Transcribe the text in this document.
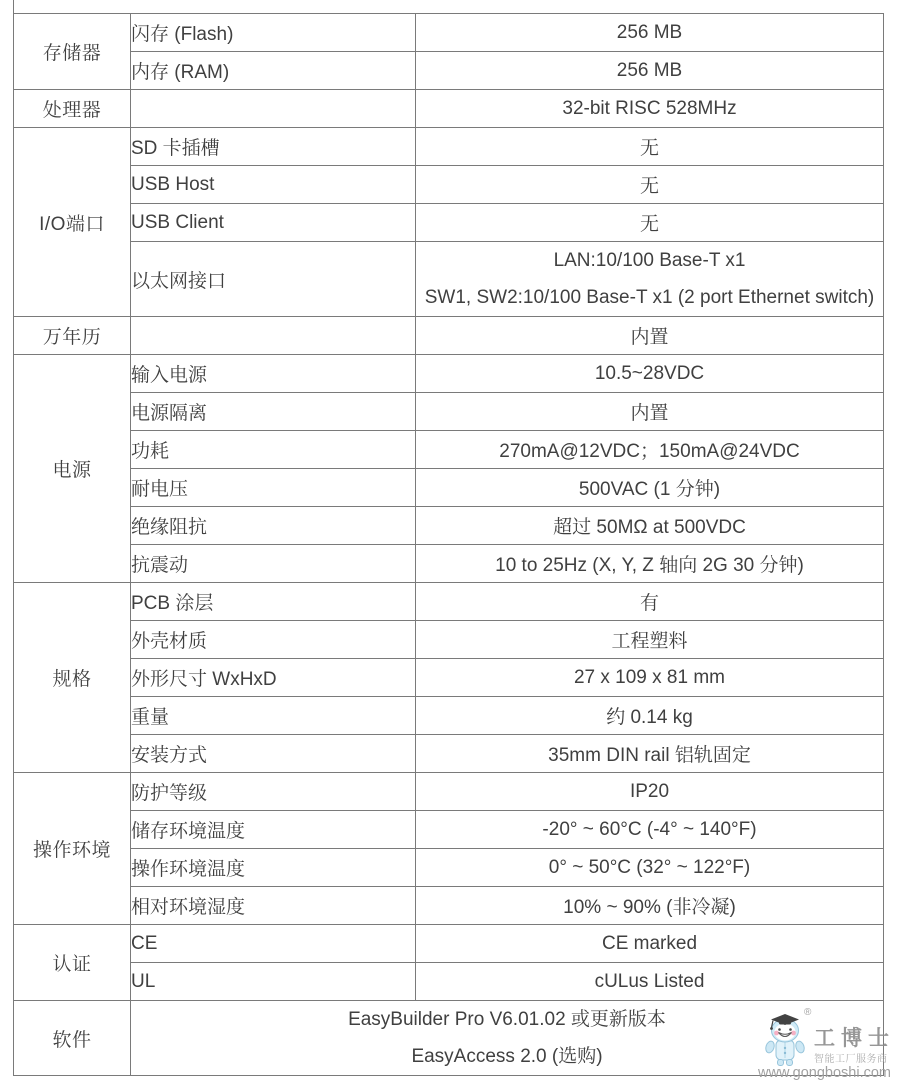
存储器	闪存 (Flash)	256 MB
	内存 (RAM)	256 MB
处理器		32-bit RISC 528MHz
I/O端口	SD 卡插槽	无
	USB Host	无
	USB Client	无
	以太网接口	LAN:10/100 Base-T x1
SW1, SW2:10/100 Base-T x1 (2 port Ethernet switch)

万年历		内置
电源	输入电源	10.5~28VDC
	电源隔离	内置
	功耗	270mA@12VDC；150mA@24VDC
	耐电压	500VAC (1 分钟)
	绝缘阻抗	超过 50MΩ at 500VDC
	抗震动	10 to 25Hz (X, Y, Z 轴向 2G 30 分钟)
规格	PCB 涂层	有
	外壳材质	工程塑料
	外形尺寸 WxHxD	27 x 109 x 81 mm
	重量	约 0.14 kg
	安装方式	35mm DIN rail 铝轨固定
操作环境	防护等级	IP20
	储存环境温度	-20° ~ 60°C (-4° ~ 140°F)
	操作环境温度	0° ~ 50°C (32° ~ 122°F)
	相对环境湿度	10% ~ 90% (非冷凝)
认证	CE	CE marked
	UL	cULus Listed
软件	EasyBuilder Pro V6.01.02 或更新版本
EasyAccess 2.0 (选购)	
®
工博士
智能工厂服务商
www.gongboshi.com
